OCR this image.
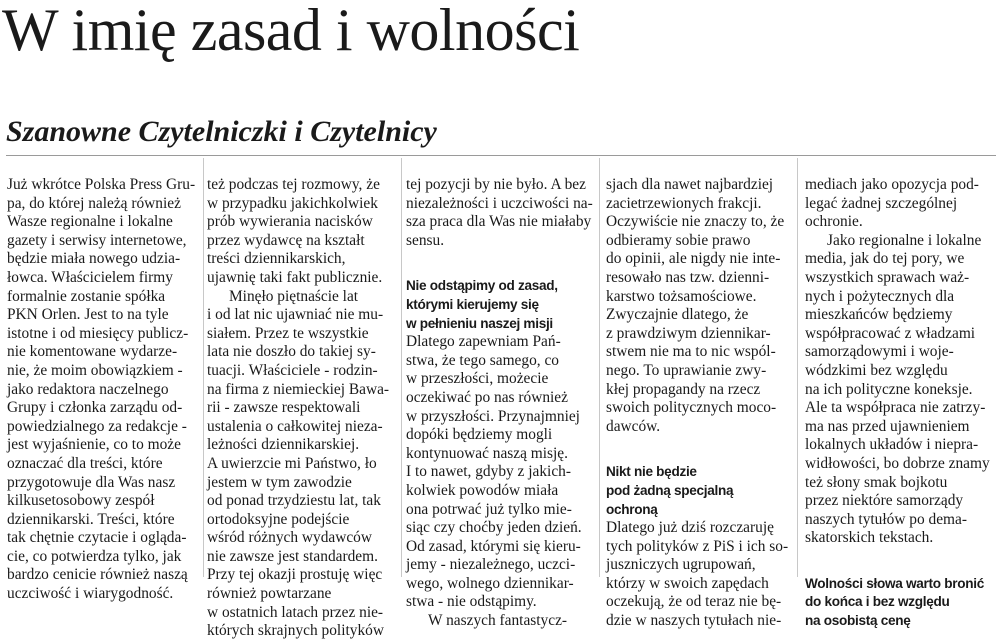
W imię zasad i wolności
Szanowne Czytelniczki i Czytelnicy
Już wkrótce Polska Press Gru-
pa, do której należą również
Wasze regionalne i lokalne
gazety i serwisy internetowe,
będzie miała nowego udzia-
łowca. Właścicielem firmy
formalnie zostanie spółka
PKN Orlen. Jest to na tyle
istotne i od miesięcy publicz-
nie komentowane wydarze-
nie, że moim obowiązkiem -
jako redaktora naczelnego
Grupy i członka zarządu od-
powiedzialnego za redakcje -
jest wyjaśnienie, co to może
oznaczać dla treści, które
przygotowuje dla Was nasz
kilkusetosobowy zespół
dziennikarski. Treści, które
tak chętnie czytacie i ogląda-
cie, co potwierdza tylko, jak
bardzo cenicie również naszą
uczciwość i wiarygodność.
też podczas tej rozmowy, że
w przypadku jakichkolwiek
prób wywierania nacisków
przez wydawcę na kształt
treści dziennikarskich,
ujawnię taki fakt publicznie.
Minęło piętnaście lat
i od lat nic ujawniać nie mu-
siałem. Przez te wszystkie
lata nie doszło do takiej sy-
tuacji. Właściciele - rodzin-
na firma z niemieckiej Bawa-
rii - zawsze respektowali
ustalenia o całkowitej nieza-
leżności dziennikarskiej.
A uwierzcie mi Państwo, ło
jestem w tym zawodzie
od ponad trzydziestu lat, tak
ortodoksyjne podejście
wśród różnych wydawców
nie zawsze jest standardem.
Przy tej okazji prostuję więc
również powtarzane
w ostatnich latach przez nie-
których skrajnych polityków
tej pozycji by nie było. A bez
niezależności i uczciwości na-
sza praca dla Was nie miałaby
sensu.
Nie odstąpimy od zasad,
którymi kierujemy się
w pełnieniu naszej misji
Dlatego zapewniam Pań-
stwa, że tego samego, co
w przeszłości, możecie
oczekiwać po nas również
w przyszłości. Przynajmniej
dopóki będziemy mogli
kontynuować naszą misję.
I to nawet, gdyby z jakich-
kolwiek powodów miała
ona potrwać już tylko mie-
siąc czy choćby jeden dzień.
Od zasad, którymi się kieru-
jemy - niezależnego, uczci-
wego, wolnego dziennikar-
stwa - nie odstąpimy.
W naszych fantastycz-
sjach dla nawet najbardziej
zacietrzewionych frakcji.
Oczywiście nie znaczy to, że
odbieramy sobie prawo
do opinii, ale nigdy nie inte-
resowało nas tzw. dzienni-
karstwo tożsamościowe.
Zwyczajnie dlatego, że
z prawdziwym dziennikar-
stwem nie ma to nic wspól-
nego. To uprawianie zwy-
kłej propagandy na rzecz
swoich politycznych moco-
dawców.
Nikt nie będzie
pod żadną specjalną
ochroną
Dlatego już dziś rozczaruję
tych polityków z PiS i ich so-
juszniczych ugrupowań,
którzy w swoich zapędach
oczekują, że od teraz nie bę-
dzie w naszych tytułach nie-
mediach jako opozycja pod-
legać żadnej szczególnej
ochronie.
Jako regionalne i lokalne
media, jak do tej pory, we
wszystkich sprawach waż-
nych i pożytecznych dla
mieszkańców będziemy
współpracować z władzami
samorządowymi i woje-
wódzkimi bez względu
na ich polityczne koneksje.
Ale ta współpraca nie zatrzy-
ma nas przed ujawnieniem
lokalnych układów i niepra-
widłowości, bo dobrze znamy
też słony smak bojkotu
przez niektóre samorządy
naszych tytułów po dema-
skatorskich tekstach.
Wolności słowa warto bronić
do końca i bez względu
na osobistą cenę
